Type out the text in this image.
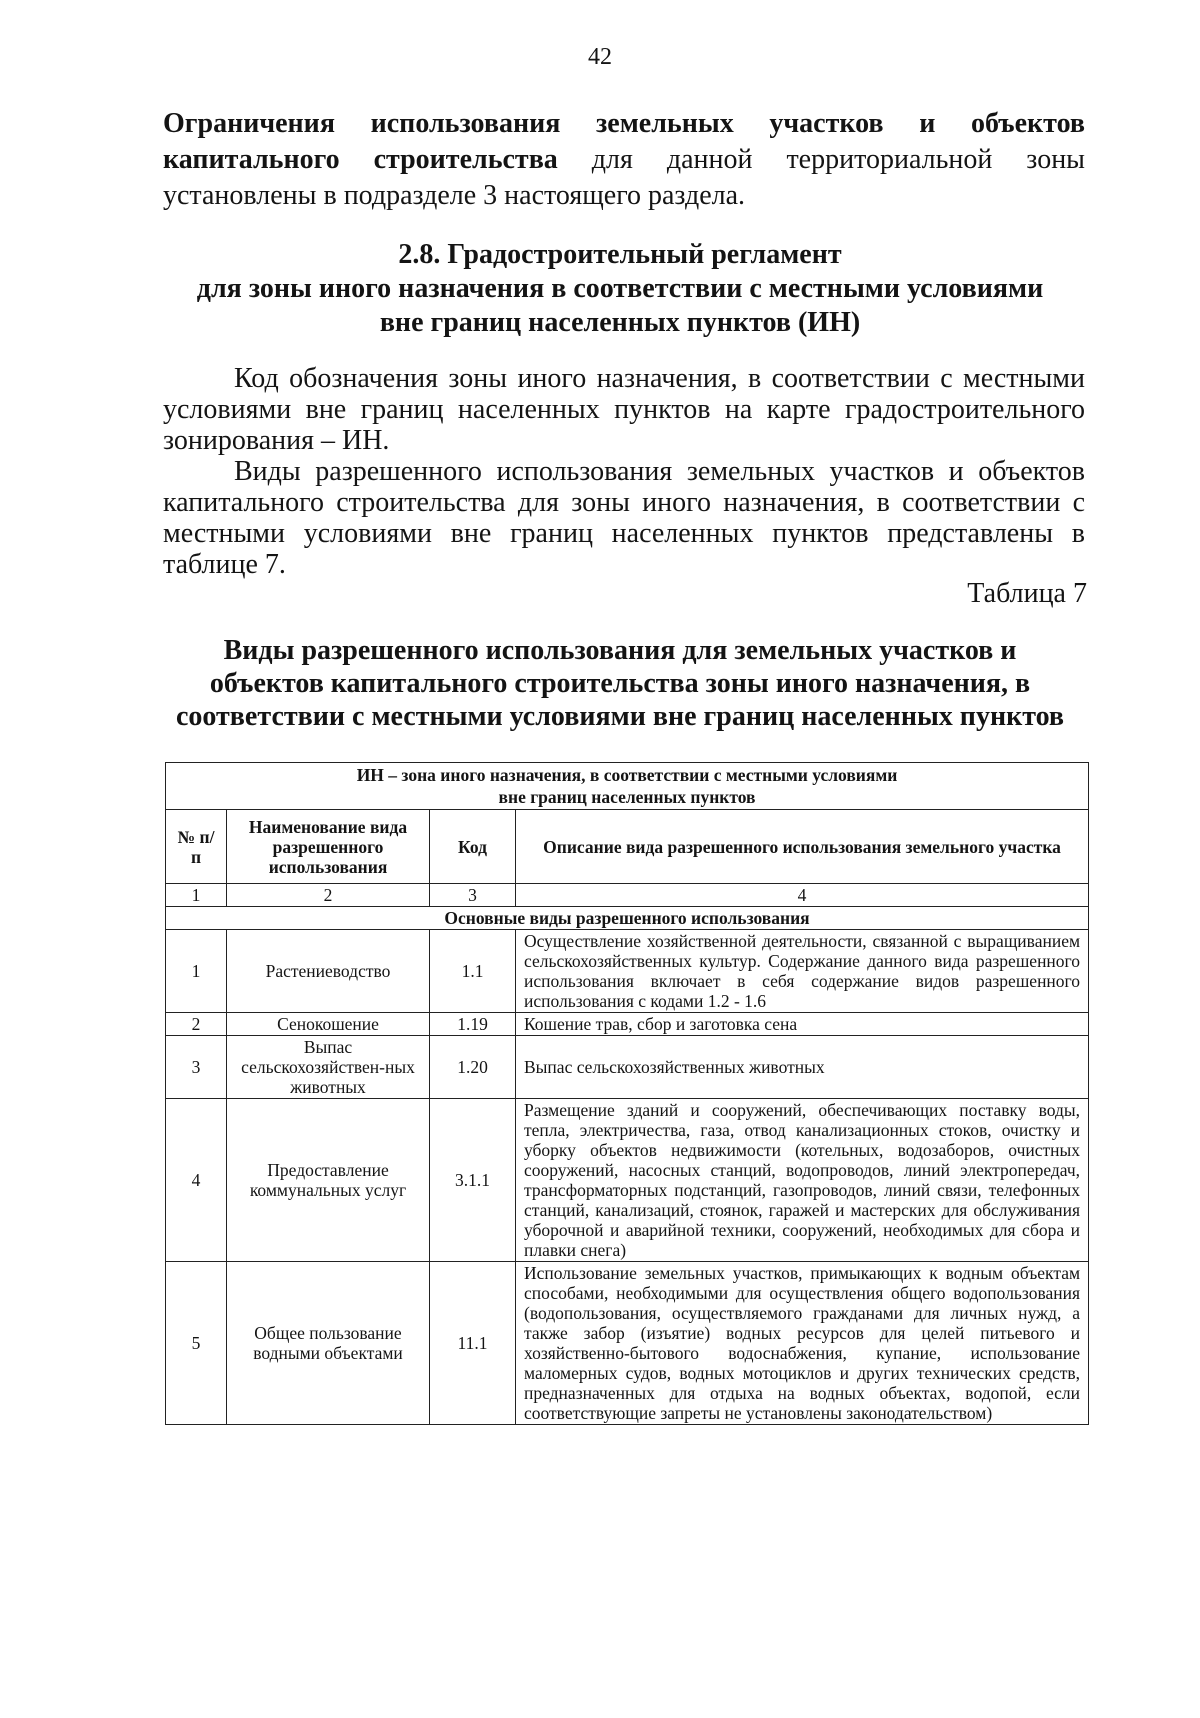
42

Ограничения использования земельных участков и объектов капитального строительства для данной территориальной зоны установлены в подразделе 3 настоящего раздела.

2.8. Градостроительный регламент
для зоны иного назначения в соответствии с местными условиями
вне границ населенных пунктов (ИН)

Код обозначения зоны иного назначения, в соответствии с местными условиями вне границ населенных пунктов на карте градостроительного зонирования – ИН.

Виды разрешенного использования земельных участков и объектов капитального строительства для зоны иного назначения, в соответствии с местными условиями вне границ населенных пунктов представлены в таблице 7.

Таблица 7
Виды разрешенного использования для земельных участков и
объектов капитального строительства зоны иного назначения, в
соответствии с местными условиями вне границ населенных пунктов
ИН – зона иного назначения, в соответствии с местными условиями
вне границ населенных пунктов			

№ п/п	Наименование вида разрешенного использования	Код	Описание вида разрешенного использования земельного участка
1	2	3	4
Основные виды разрешенного использования			
1	Растениеводство	1.1	Осуществление хозяйственной деятельности, связанной с выращиванием сельскохозяйственных культур. Содержание данного вида разрешенного использования включает в себя содержание видов разрешенного использования с кодами 1.2 - 1.6
2	Сенокошение	1.19	Кошение трав, сбор и заготовка сена
3	Выпас сельскохозяйствен-ных животных	1.20	Выпас сельскохозяйственных животных
4	Предоставление коммунальных услуг	3.1.1	Размещение зданий и сооружений, обеспечивающих поставку воды, тепла, электричества, газа, отвод канализационных стоков, очистку и уборку объектов недвижимости (котельных, водозаборов, очистных сооружений, насосных станций, водопроводов, линий электропередач, трансформаторных подстанций, газопроводов, линий связи, телефонных станций, канализаций, стоянок, гаражей и мастерских для обслуживания уборочной и аварийной техники, сооружений, необходимых для сбора и плавки снега)
5	Общее пользование водными объектами	11.1	Использование земельных участков, примыкающих к водным объектам способами, необходимыми для осуществления общего водопользования (водопользования, осуществляемого гражданами для личных нужд, а также забор (изъятие) водных ресурсов для целей питьевого и хозяйственно-бытового водоснабжения, купание, использование маломерных судов, водных мотоциклов и других технических средств, предназначенных для отдыха на водных объектах, водопой, если соответствующие запреты не установлены законодательством)
